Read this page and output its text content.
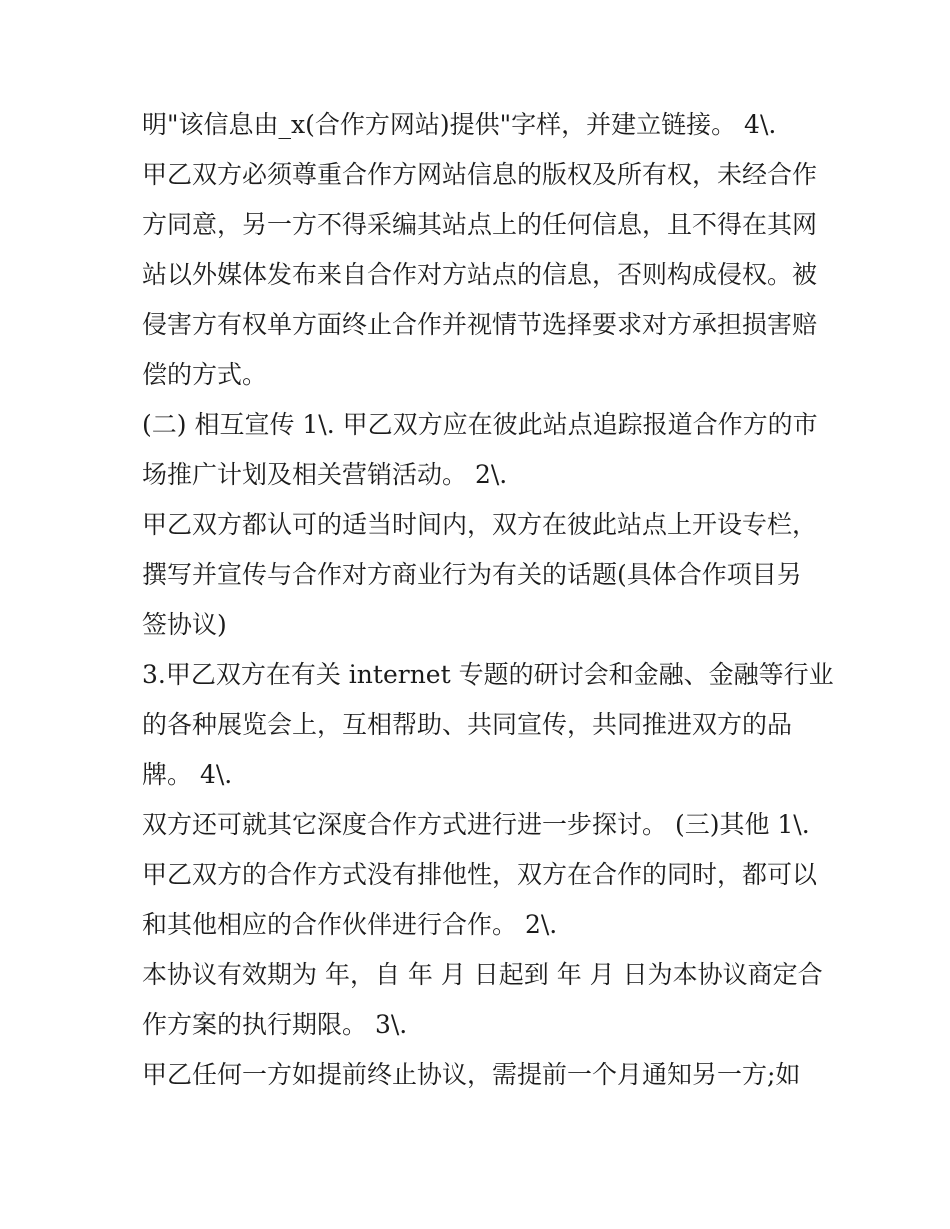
明"该信息由_x(合作方网站)提供"字样，并建立链接。 4\.
甲乙双方必须尊重合作方网站信息的版权及所有权，未经合作
方同意，另一方不得采编其站点上的任何信息，且不得在其网
站以外媒体发布来自合作对方站点的信息，否则构成侵权。被
侵害方有权单方面终止合作并视情节选择要求对方承担损害赔
偿的方式。
(二) 相互宣传 1\. 甲乙双方应在彼此站点追踪报道合作方的市
场推广计划及相关营销活动。 2\.
甲乙双方都认可的适当时间内，双方在彼此站点上开设专栏，
撰写并宣传与合作对方商业行为有关的话题(具体合作项目另
签协议)
3.甲乙双方在有关 internet 专题的研讨会和金融、金融等行业
的各种展览会上，互相帮助、共同宣传，共同推进双方的品
牌。 4\.
双方还可就其它深度合作方式进行进一步探讨。 (三)其他 1\.
甲乙双方的合作方式没有排他性，双方在合作的同时，都可以
和其他相应的合作伙伴进行合作。 2\.
本协议有效期为 年，自 年 月 日起到 年 月 日为本协议商定合
作方案的执行期限。 3\.
甲乙任何一方如提前终止协议，需提前一个月通知另一方;如
